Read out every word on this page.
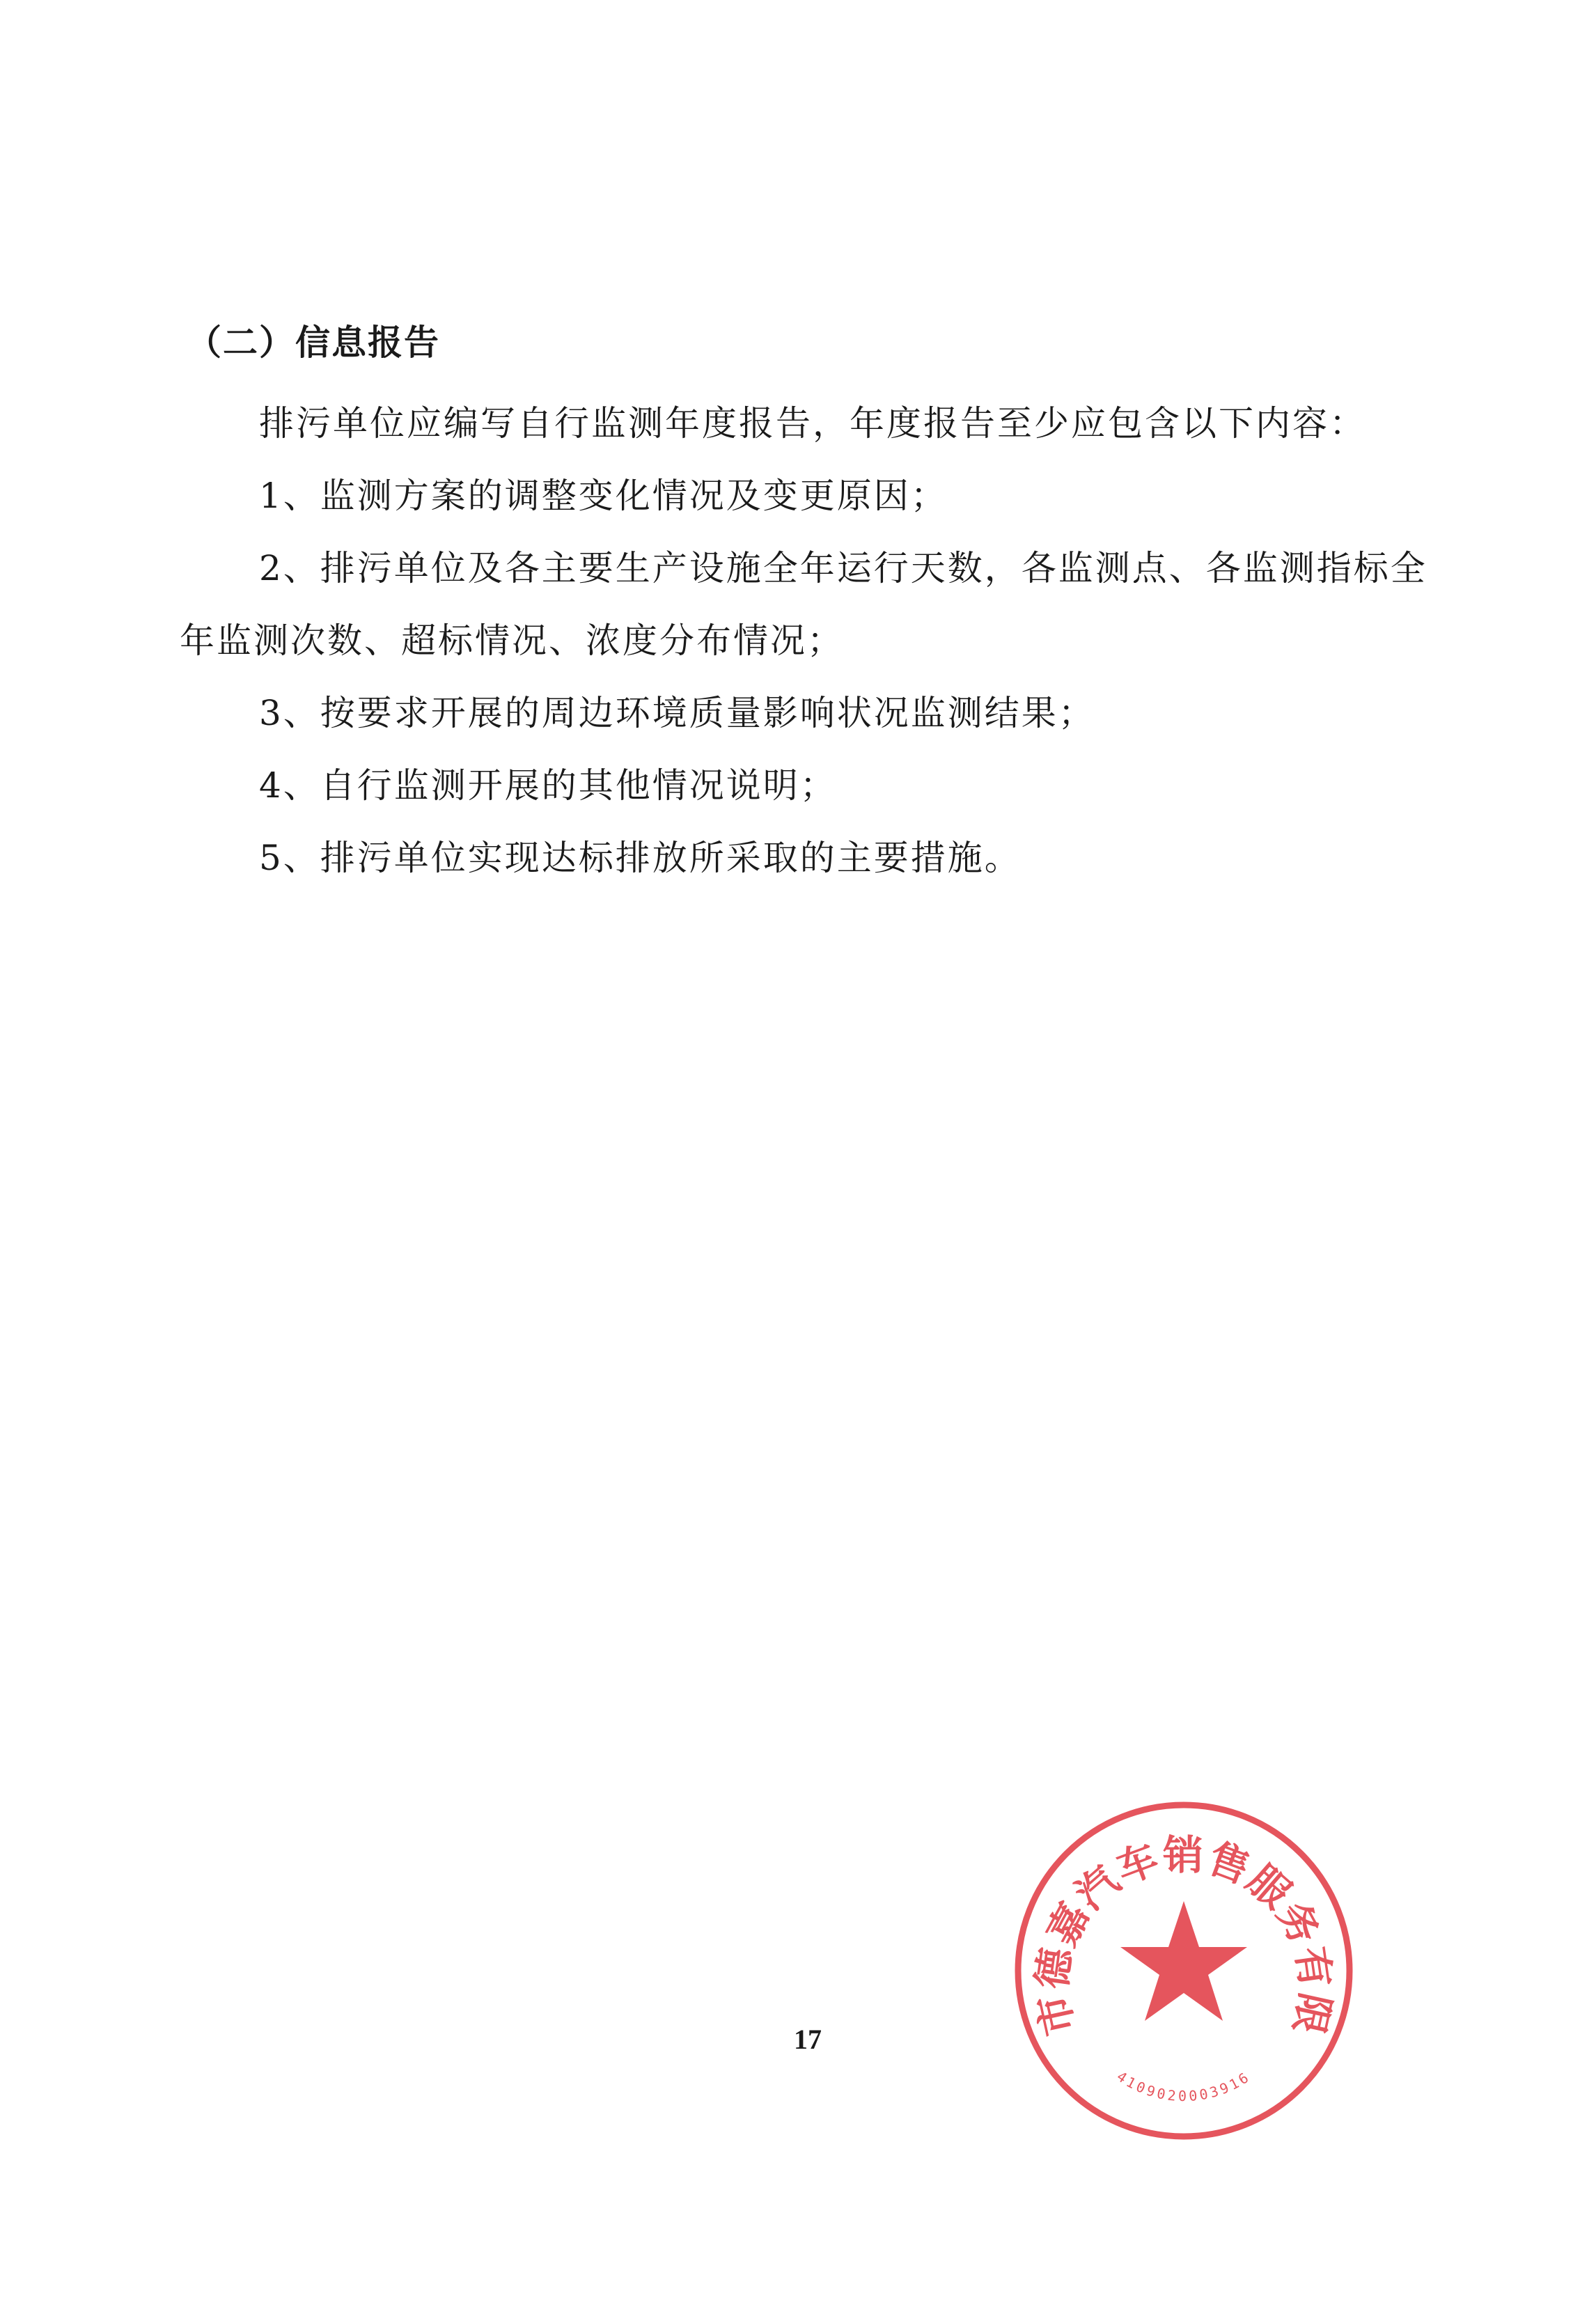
（二）信息报告
排污单位应编写自行监测年度报告，年度报告至少应包含以下内容：
1、监测方案的调整变化情况及变更原因；
2、排污单位及各主要生产设施全年运行天数，各监测点、各监测指标全
年监测次数、超标情况、浓度分布情况；
3、按要求开展的周边环境质量影响状况监测结果；
4、自行监测开展的其他情况说明；
5、排污单位实现达标排放所采取的主要措施。
17	市德嘉汽车销售服务有限
4109020003916
